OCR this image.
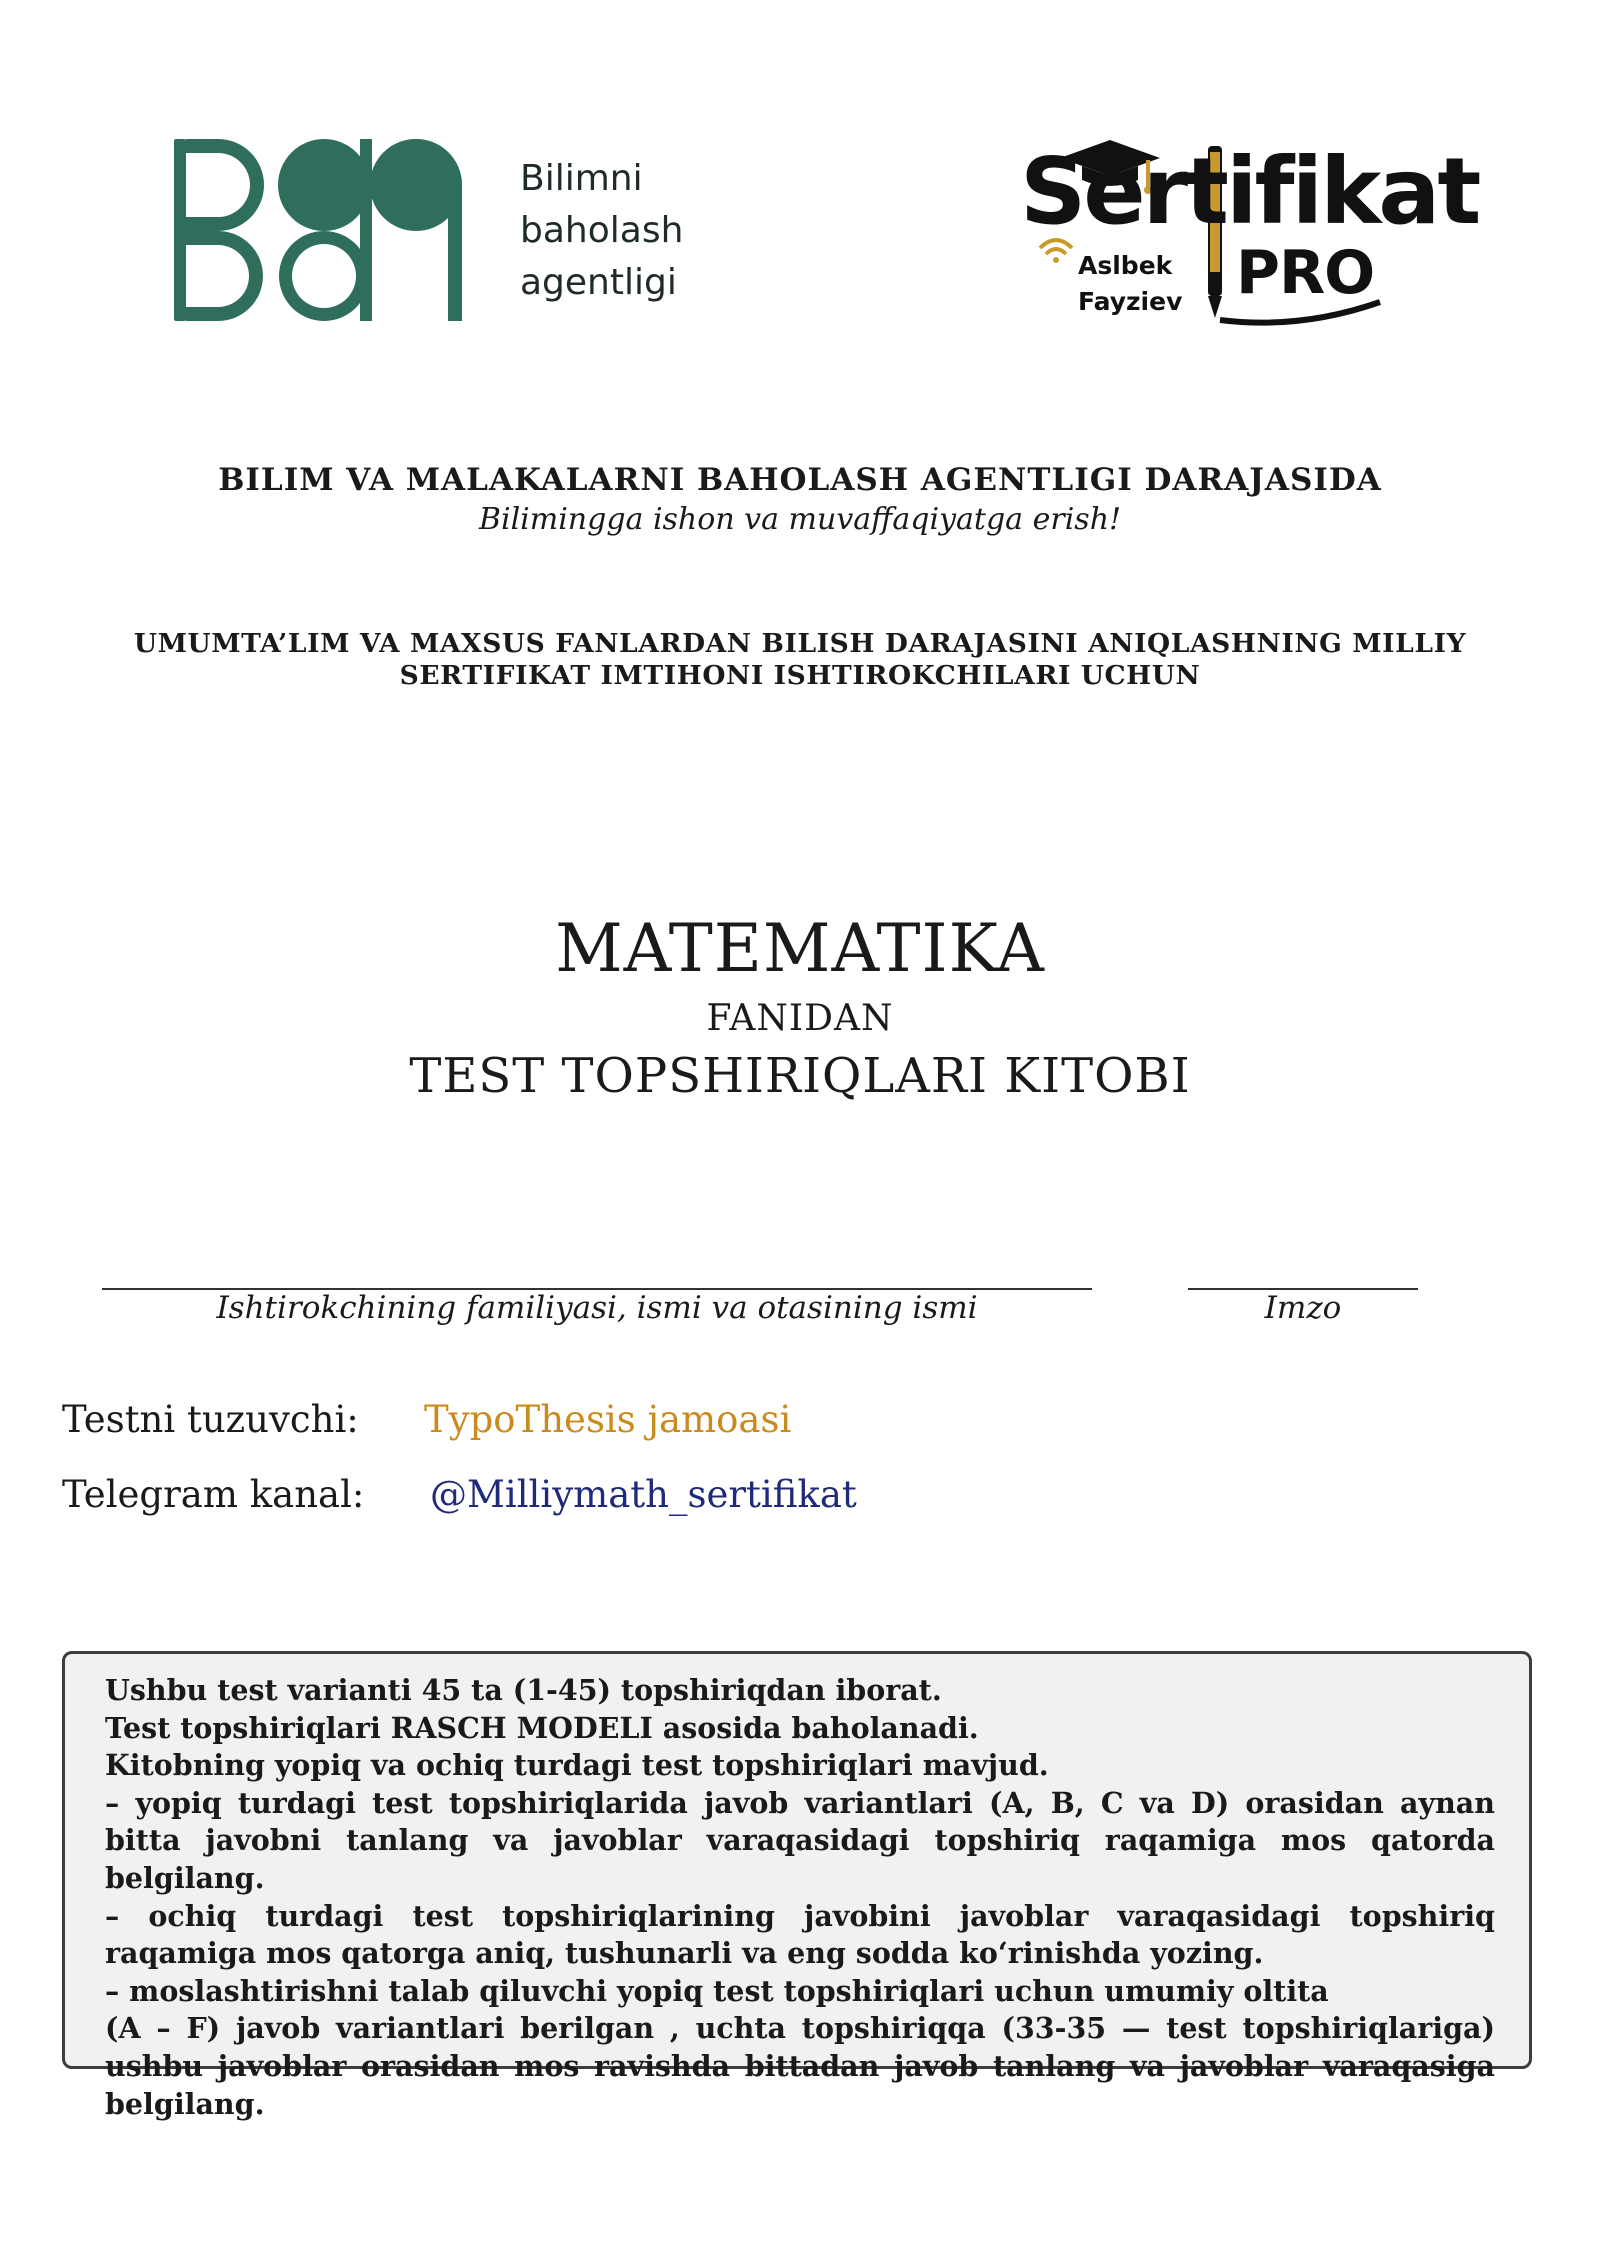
Bilimni
baholash
agentligi
Sertifikat
Aslbek
Fayziev PRO
BILIM VA MALAKALARNI BAHOLASH AGENTLIGI DARAJASIDA
Bilimingga ishon va muvaffaqiyatga erish!
UMUMTA’LIM VA MAXSUS FANLARDAN BILISH DARAJASINI ANIQLASHNING MILLIY
SERTIFIKAT IMTIHONI ISHTIROKCHILARI UCHUN
MATEMATIKA
FANIDAN
TEST TOPSHIRIQLARI KITOBI
Ishtirokchining familiyasi, ismi va otasining ismi	Imzo
Testni tuzuvchi: TypoThesis jamoasi
Telegram kanal: @Milliymath_sertifikat
Ushbu test varianti 45 ta (1-45) topshiriqdan iborat.
Test topshiriqlari RASCH MODELI asosida baholanadi.
Kitobning yopiq va ochiq turdagi test topshiriqlari mavjud.
– yopiq turdagi test topshiriqlarida javob variantlari (A, B, C va D) orasidan aynan bitta javobni tanlang va javoblar varaqasidagi topshiriq raqamiga mos qatorda belgilang.
– ochiq turdagi test topshiriqlarining javobini javoblar varaqasidagi topshiriq raqamiga mos qatorga aniq, tushunarli va eng sodda ko‘rinishda yozing.
– moslashtirishni talab qiluvchi yopiq test topshiriqlari uchun umumiy oltita
(A – F) javob variantlari berilgan , uchta topshiriqqa (33-35 — test topshiriqlariga) ushbu javoblar orasidan mos ravishda bittadan javob tanlang va javoblar varaqasiga belgilang.
